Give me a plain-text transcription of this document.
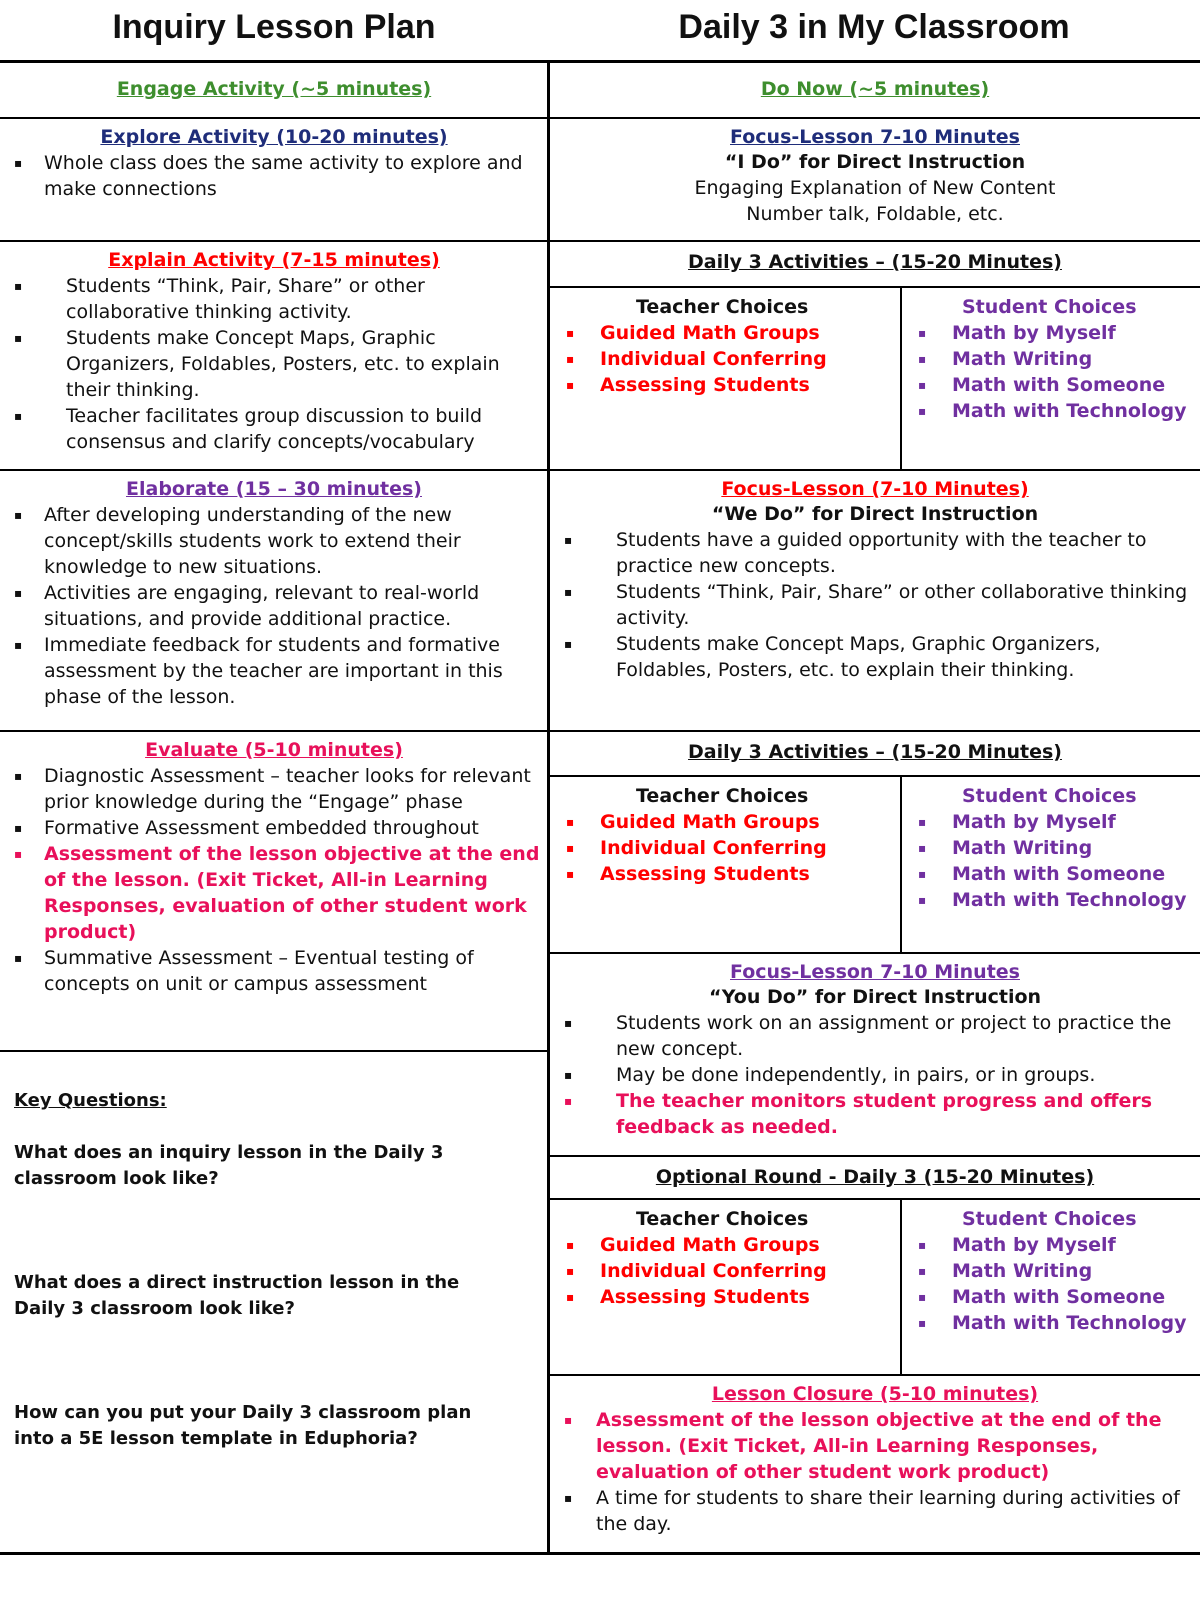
Inquiry Lesson Plan	Daily 3 in My Classroom
Engage Activity (~5 minutes)
Explore Activity (10-20 minutes)
▪ Whole class does the same activity to explore and make connections
Explain Activity (7-15 minutes)
▪ Students “Think, Pair, Share” or other collaborative thinking activity.
▪ Students make Concept Maps, Graphic Organizers, Foldables, Posters, etc. to explain their thinking.
▪ Teacher facilitates group discussion to build consensus and clarify concepts/vocabulary
Elaborate (15 – 30 minutes)
▪ After developing understanding of the new concept/skills students work to extend their knowledge to new situations.
▪ Activities are engaging, relevant to real-world situations, and provide additional practice.
▪ Immediate feedback for students and formative assessment by the teacher are important in this phase of the lesson.
Evaluate (5-10 minutes)
▪ Diagnostic Assessment – teacher looks for relevant prior knowledge during the “Engage” phase
▪ Formative Assessment embedded throughout
▪ Assessment of the lesson objective at the end of the lesson. (Exit Ticket, All-in Learning Responses, evaluation of other student work product)
▪ Summative Assessment – Eventual testing of concepts on unit or campus assessment
Key Questions:
What does an inquiry lesson in the Daily 3 classroom look like?
What does a direct instruction lesson in the Daily 3 classroom look like?
How can you put your Daily 3 classroom plan into a 5E lesson template in Eduphoria?
Do Now (~5 minutes)
Focus-Lesson 7-10 Minutes
“I Do” for Direct Instruction
Engaging Explanation of New Content
Number talk, Foldable, etc.
Daily 3 Activities – (15-20 Minutes)
Teacher Choices
▪ Guided Math Groups
▪ Individual Conferring
▪ Assessing Students
Student Choices
▪ Math by Myself
▪ Math Writing
▪ Math with Someone
▪ Math with Technology
Focus-Lesson (7-10 Minutes)
“We Do” for Direct Instruction
▪ Students have a guided opportunity with the teacher to practice new concepts.
▪ Students “Think, Pair, Share” or other collaborative thinking activity.
▪ Students make Concept Maps, Graphic Organizers, Foldables, Posters, etc. to explain their thinking.
Daily 3 Activities – (15-20 Minutes)
Teacher Choices
▪ Guided Math Groups
▪ Individual Conferring
▪ Assessing Students
Student Choices
▪ Math by Myself
▪ Math Writing
▪ Math with Someone
▪ Math with Technology
Focus-Lesson 7-10 Minutes
“You Do” for Direct Instruction
▪ Students work on an assignment or project to practice the new concept.
▪ May be done independently, in pairs, or in groups.
▪ The teacher monitors student progress and offers feedback as needed.
Optional Round - Daily 3 (15-20 Minutes)
Teacher Choices
▪ Guided Math Groups
▪ Individual Conferring
▪ Assessing Students
Student Choices
▪ Math by Myself
▪ Math Writing
▪ Math with Someone
▪ Math with Technology
Lesson Closure (5-10 minutes)
▪ Assessment of the lesson objective at the end of the lesson. (Exit Ticket, All-in Learning Responses, evaluation of other student work product)
▪ A time for students to share their learning during activities of the day.
